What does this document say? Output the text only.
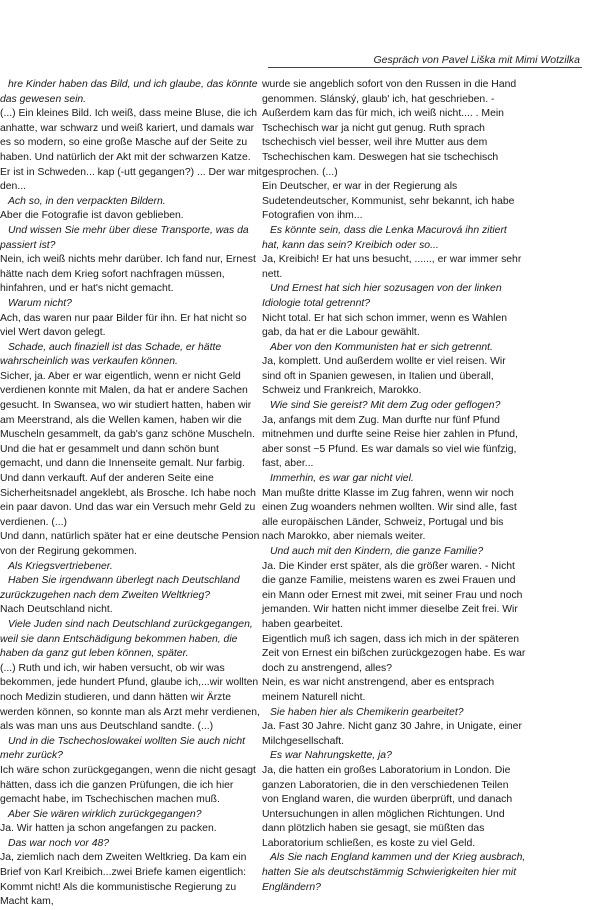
Gespräch von Pavel Liška mit Mimi Wotzilka

hre Kinder haben das Bild, und ich glaube, das könnte das gewesen sein.

(...) Ein kleines Bild. Ich weiß, dass meine Bluse, die ich anhatte, war schwarz und weiß kariert, und damals war es so modern, so eine große Masche auf der Seite zu haben. Und natürlich der Akt mit der schwarzen Katze. Er ist in Schweden... kap (-utt gegangen?) ... Der war mit den...

Ach so, in den verpackten Bildern.

Aber die Fotografie ist davon geblieben.

Und wissen Sie mehr über diese Transporte, was da passiert ist?

Nein, ich weiß nichts mehr darüber. Ich fand nur, Ernest hätte nach dem Krieg sofort nachfragen müssen, hinfahren, und er hat's nicht gemacht.

Warum nicht?

Ach, das waren nur paar Bilder für ihn. Er hat nicht so viel Wert davon gelegt.

Schade, auch finaziell ist das Schade, er hätte wahrscheinlich was verkaufen können.

Sicher, ja. Aber er war eigentlich, wenn er nicht Geld verdienen konnte mit Malen, da hat er andere Sachen gesucht. In Swansea, wo wir studiert hatten, haben wir am Meerstrand, als die Wellen kamen, haben wir die Muscheln gesammelt, da gab's ganz schöne Muscheln. Und die hat er gesammelt und dann schön bunt gemacht, und dann die Innenseite gemalt. Nur farbig. Und dann verkauft. Auf der anderen Seite eine Sicherheitsnadel angeklebt, als Brosche. Ich habe noch ein paar davon. Und das war ein Versuch mehr Geld zu verdienen. (...)

Und dann, natürlich später hat er eine deutsche Pension von der Regirung gekommen.

Als Kriegsvertriebener.

Haben Sie irgendwann überlegt nach Deutschland zurückzugehen nach dem Zweiten Weltkrieg?

Nach Deutschland nicht.

Viele Juden sind nach Deutschland zurückgegangen, weil sie dann Entschädigung bekommen haben, die haben da ganz gut leben können, später.

(...) Ruth und ich, wir haben versucht, ob wir was bekommen, jede hundert Pfund, glaube ich,...wir wollten noch Medizin studieren, und dann hätten wir Ärzte werden können, so konnte man als Arzt mehr verdienen, als was man uns aus Deutschland sandte. (...)

Und in die Tschechoslowakei wollten Sie auch nicht mehr zurück?

Ich wäre schon zurückgegangen, wenn die nicht gesagt hätten, dass ich die ganzen Prüfungen, die ich hier gemacht habe, im Tschechischen machen muß.

Aber Sie wären wirklich zurückgegangen?

Ja. Wir hatten ja schon angefangen zu packen.

Das war noch vor 48?

Ja, ziemlich nach dem Zweiten Weltkrieg. Da kam ein Brief von Karl Kreibich...zwei Briefe kamen eigentlich: Kommt nicht! Als die kommunistische Regierung zu Macht kam,

wurde sie angeblich sofort von den Russen in die Hand genommen. Slánský, glaub' ich, hat geschrieben. - Außerdem kam das für mich, ich weiß nicht.... . Mein Tschechisch war ja nicht gut genug. Ruth sprach tschechisch viel besser, weil ihre Mutter aus dem Tschechischen kam. Deswegen hat sie tschechisch gesprochen. (...)

Ein Deutscher, er war in der Regierung als Sudetendeutscher, Kommunist, sehr bekannt, ich habe Fotografien von ihm...

Es könnte sein, dass die Lenka Macurová ihn zitiert hat, kann das sein? Kreibich oder so...

Ja, Kreibich! Er hat uns besucht, ......, er war immer sehr nett.

Und Ernest hat sich hier sozusagen von der linken Idiologie total getrennt?

Nicht total. Er hat sich schon immer, wenn es Wahlen gab, da hat er die Labour gewählt.

Aber von den Kommunisten hat er sich getrennt.

Ja, komplett. Und außerdem wollte er viel reisen. Wir sind oft in Spanien gewesen, in Italien und überall, Schweiz und Frankreich, Marokko.

Wie sind Sie gereist? Mit dem Zug oder geflogen?

Ja, anfangs mit dem Zug. Man durfte nur fünf Pfund mitnehmen und durfte seine Reise hier zahlen in Pfund, aber sonst ~5 Pfund. Es war damals so viel wie fünfzig, fast, aber...

Immerhin, es war gar nicht viel.

Man mußte dritte Klasse im Zug fahren, wenn wir noch einen Zug woanders nehmen wollten. Wir sind alle, fast alle europäischen Länder, Schweiz, Portugal und bis nach Marokko, aber niemals weiter.

Und auch mit den Kindern, die ganze Familie?

Ja. Die Kinder erst später, als die größer waren. - Nicht die ganze Familie, meistens waren es zwei Frauen und ein Mann oder Ernest mit zwei, mit seiner Frau und noch jemanden. Wir hatten nicht immer dieselbe Zeit frei. Wir haben gearbeitet.

Eigentlich muß ich sagen, dass ich mich in der späteren Zeit von Ernest ein bißchen zurückgezogen habe. Es war doch zu anstrengend, alles?

Nein, es war nicht anstrengend, aber es entsprach meinem Naturell nicht.

Sie haben hier als Chemikerin gearbeitet?

Ja. Fast 30 Jahre. Nicht ganz 30 Jahre, in Unigate, einer Milchgesellschaft.

Es war Nahrungskette, ja?

Ja, die hatten ein großes Laboratorium in London. Die ganzen Laboratorien, die in den verschiedenen Teilen von England waren, die wurden überprüft, und danach Untersuchungen in allen möglichen Richtungen. Und dann plötzlich haben sie gesagt, sie müßten das Laboratorium schließen, es koste zu viel Geld.

Als Sie nach England kammen und der Krieg ausbrach, hatten Sie als deutschstämmig Schwierigkeiten hier mit Engländern?
